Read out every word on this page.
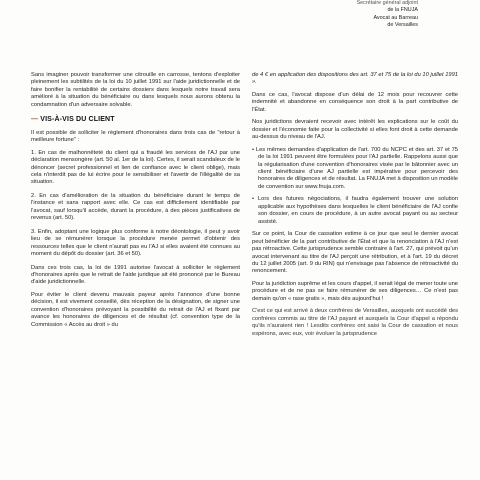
Secrétaire général adjoint
de la FNUJA
Avocat au Barreau
de Versailles

Sans imaginer pouvoir transformer une citrouille en carrosse, tentons d'exploiter pleinement les subtilités de la loi du 10 juillet 1991 sur l'aide juridictionnelle et de faire bonifier la rentabilité de certains dossiers dans lesquels notre travail sera amélioré à la situation du bénéficiaire ou dans lesquels nous aurons obtenu la condamnation d'un adversaire solvable.

— VIS-À-VIS DU CLIENT

Il est possible de solliciter le règlement d'honoraires dans trois cas de "retour à meilleure fortune" :

1. En cas de malhonnêteté du client qui a fraudé les services de l'AJ par une déclaration mensongère (art. 50 al. 1er de la loi). Certes, il serait scandaleux de le dénoncer (secret professionnel et lien de confiance avec le client oblige), mais cela n'interdit pas de lui écrire pour le sensibiliser et l'avertir de l'illégalité de sa situation.

2. En cas d'amélioration de la situation du bénéficiaire durant le temps de l'instance et sans rapport avec elle. Ce cas est difficilement identifiable par l'avocat, sauf lorsqu'il accède, durant la procédure, à des pièces justificatives de revenus (art. 50).

3. Enfin, adoptant une logique plus conforme à notre déontologie, il peut y avoir lieu de se rémunérer lorsque la procédure menée permet d'obtenir des ressources telles que le client n'aurait pas eu l'AJ si elles avaient été connues au moment du dépôt du dossier (art. 36 et 50).

Dans ces trois cas, la loi de 1991 autorise l'avocat à solliciter le règlement d'honoraires après que le retrait de l'aide juridique ait été prononcé par le Bureau d'aide juridictionnelle.

Pour éviter le client devenu mauvais payeur après l'annonce d'une bonne décision, il est vivement conseillé, dès réception de la désignation, de signer une convention d'honoraires prévoyant la possibilité du retrait de l'AJ et fixant par avance les honoraires de diligences et de résultat (cf. convention type de la Commission « Accès au droit » du

de 4 € en application des dispositions des art. 37 et 75 de la loi du 10 juillet 1991 ».

Dans ce cas, l'avocat dispose d'un délai de 12 mois pour recouvrer cette indemnité et abandonne en conséquence son droit à la part contributive de l'État.

Nos juridictions devraient recevoir avec intérêt les explications sur le coût du dossier et l'économie faite pour la collectivité si elles font droit à cette demande au-dessus du niveau de l'AJ.

• Les mêmes demandes d'application de l'art. 700 du NCPC et des art. 37 et 75 de la loi 1991 peuvent être formulées pour l'AJ partielle. Rappelons aussi que la régularisation d'une convention d'honoraires visée par le bâtonnier avec un client bénéficiaire d'une AJ partielle est impérative pour percevoir des honoraires de diligences et de résultat. La FNUJA met à disposition un modèle de convention sur www.fnuja.com.

• Lors des futures négociations, il faudra également trouver une solution applicable aux hypothèses dans lesquelles le client bénéficiaire de l'AJ confie son dossier, en cours de procédure, à un autre avocat payant ou au secteur assisté.

Sur ce point, la Cour de cassation estime à ce jour que seul le dernier avocat peut bénéficier de la part contributive de l'État et que la renonciation à l'AJ n'est pas rétroactive. Cette jurisprudence semble contraire à l'art. 27, qui prévoit qu'un avocat intervenant au titre de l'AJ perçoit une rétribution, et à l'art. 19 du décret du 12 juillet 2005 (art. 9 du RIN) qui n'envisage pas l'absence de rétroactivité du renoncement.

Pour la juridiction suprême et les cours d'appel, il serait légal de mener toute une procédure et de ne pas se faire rémunérer de ses diligences… Ce n'est pas demain qu'on « rase gratis », mais dès aujourd'hui !

C'est ce qui est arrivé à deux confrères de Versailles, auxquels ont succédé des confrères commis au titre de l'AJ payant et auxquels la Cour d'appel a répondu qu'ils n'auraient rien ! Lesdits confrères ont saisi la Cour de cassation et nous espérons, avec eux, voir évoluer la jurisprudence
